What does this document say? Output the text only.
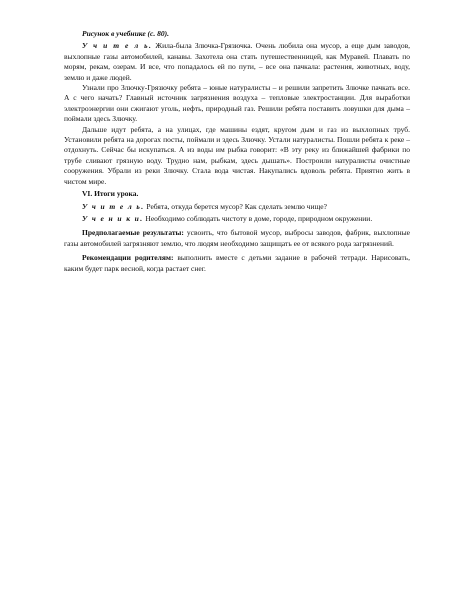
Рисунок в учебнике (с. 80).

У ч и т е л ь. Жила-была Злючка-Грязючка. Очень любила она мусор, а еще дым заводов, выхлопные газы автомобилей, канавы. Захотела она стать путешественницей, как Муравей. Плавать по морям, рекам, озерам. И все, что попадалось ей по пути, – все она пачкала: растения, животных, воду, землю и даже людей.

Узнали про Злючку-Грязючку ребята – юные натуралисты – и решили запретить Злючке пачкать все. А с чего начать? Главный источник загрязнения воздуха – тепловые электростанции. Для выработки электроэнергии они сжигают уголь, нефть, природный газ. Решили ребята поставить ловушки для дыма – поймали здесь Злючку.

Дальше идут ребята, а на улицах, где машины ездят, кругом дым и газ из выхлопных труб. Установили ребята на дорогах посты, поймали и здесь Злючку. Устали натуралисты. Пошли ребята к реке – отдохнуть. Сейчас бы искупаться. А из воды им рыбка говорит: «В эту реку из ближайшей фабрики по трубе сливают грязную воду. Трудно нам, рыбкам, здесь дышать». Построили натуралисты очистные сооружения. Убрали из реки Злючку. Стала вода чистая. Накупались вдоволь ребята. Приятно жить в чистом мире.

VI. Итоги урока.

У ч и т е л ь. Ребята, откуда берется мусор? Как сделать землю чище?

У ч е н и к и. Необходимо соблюдать чистоту в доме, городе, природном окружении.

Предполагаемые результаты: усвоить, что бытовой мусор, выбросы заводов, фабрик, выхлопные газы автомобилей загрязняют землю, что людям необходимо защищать ее от всякого рода загрязнений.

Рекомендации родителям: выполнить вместе с детьми задание в рабочей тетради. Нарисовать, каким будет парк весной, когда растает снег.
